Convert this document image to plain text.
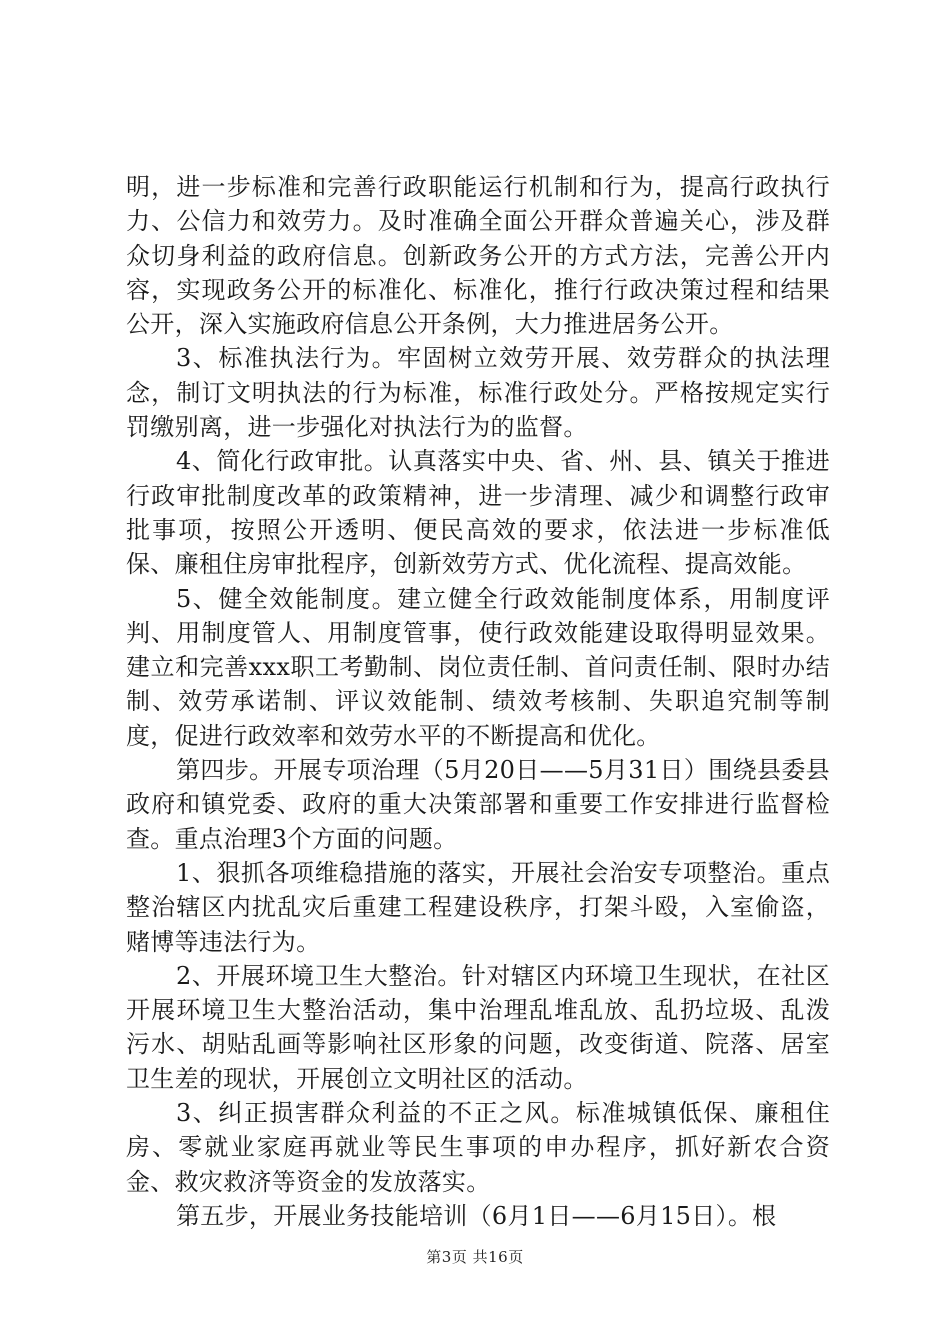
明，进一步标准和完善行政职能运行机制和行为，提高行政执行力、公信力和效劳力。及时准确全面公开群众普遍关心，涉及群众切身利益的政府信息。创新政务公开的方式方法，完善公开内容，实现政务公开的标准化、标准化，推行行政决策过程和结果公开，深入实施政府信息公开条例，大力推进居务公开。

3、标准执法行为。牢固树立效劳开展、效劳群众的执法理念，制订文明执法的行为标准，标准行政处分。严格按规定实行罚缴别离，进一步强化对执法行为的监督。

4、简化行政审批。认真落实中央、省、州、县、镇关于推进行政审批制度改革的政策精神，进一步清理、减少和调整行政审批事项，按照公开透明、便民高效的要求，依法进一步标准低保、廉租住房审批程序，创新效劳方式、优化流程、提高效能。

5、健全效能制度。建立健全行政效能制度体系，用制度评判、用制度管人、用制度管事，使行政效能建设取得明显效果。建立和完善xxx职工考勤制、岗位责任制、首问责任制、限时办结制、效劳承诺制、评议效能制、绩效考核制、失职追究制等制度，促进行政效率和效劳水平的不断提高和优化。

第四步。开展专项治理（5月20日——5月31日）围绕县委县政府和镇党委、政府的重大决策部署和重要工作安排进行监督检查。重点治理3个方面的问题。

1、狠抓各项维稳措施的落实，开展社会治安专项整治。重点整治辖区内扰乱灾后重建工程建设秩序，打架斗殴，入室偷盗，赌博等违法行为。

2、开展环境卫生大整治。针对辖区内环境卫生现状，在社区开展环境卫生大整治活动，集中治理乱堆乱放、乱扔垃圾、乱泼污水、胡贴乱画等影响社区形象的问题，改变街道、院落、居室卫生差的现状，开展创立文明社区的活动。

3、纠正损害群众利益的不正之风。标准城镇低保、廉租住房、零就业家庭再就业等民生事项的申办程序，抓好新农合资金、救灾救济等资金的发放落实。

第五步，开展业务技能培训（6月1日——6月15日）。根

第3页 共16页
